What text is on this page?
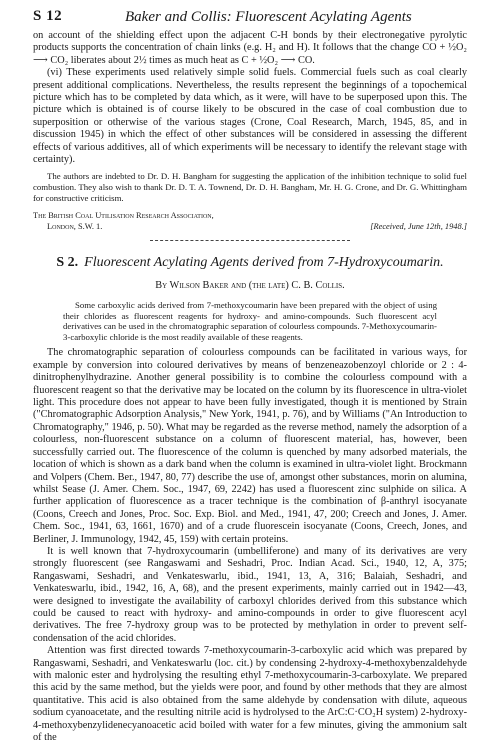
S 12	Baker and Collis: Fluorescent Acylating Agents

on account of the shielding effect upon the adjacent C-H bonds by their electronegative pyrolytic products supports the concentration of chain links (e.g. H₂ and H). It follows that the change CO + ½O₂ ⟶ CO₂ liberates about 2½ times as much heat as C + ½O₂ ⟶ CO.

(vi) These experiments used relatively simple solid fuels. Commercial fuels such as coal clearly present additional complications. Nevertheless, the results represent the beginnings of a topochemical picture which has to be completed by data which, as it were, will have to be superposed upon this. The picture which is obtained is of course likely to be obscured in the case of coal combustion due to superposition or otherwise of the various stages (Crone, Coal Research, March, 1945, 85, and in discussion 1945) in which the effect of other substances will be considered in assessing the different effects of various additives, all of which experiments will be necessary to identify the relevant stage with certainty).

The authors are indebted to Dr. D. H. Bangham for suggesting the application of the inhibition technique to solid fuel combustion. They also wish to thank Dr. D. T. A. Townend, Dr. D. H. Bangham, Mr. H. G. Crone, and Dr. G. Whittingham for constructive criticism.

The British Coal Utilisation Research Association,
London, S.W. 1.	[Received, June 12th, 1948.]
S 2. Fluorescent Acylating Agents derived from 7-Hydroxycoumarin.
By Wilson Baker and (the late) C. B. Collis.

Some carboxylic acids derived from 7-methoxycoumarin have been prepared with the object of using their chlorides as fluorescent reagents for hydroxy- and amino-compounds. Such fluorescent acyl derivatives can be used in the chromatographic separation of colourless compounds. 7-Methoxycoumarin-3-carboxylic chloride is the most readily available of these reagents.

The chromatographic separation of colourless compounds can be facilitated in various ways, for example by conversion into coloured derivatives by means of benzeneazobenzoyl chloride or 2 : 4-dinitrophenylhydrazine. Another general possibility is to combine the colourless compound with a fluorescent reagent so that the derivative may be located on the column by its fluorescence in ultra-violet light. This procedure does not appear to have been fully investigated, though it is mentioned by Strain ("Chromatographic Adsorption Analysis," New York, 1941, p. 76), and by Williams ("An Introduction to Chromatography," 1946, p. 50). What may be regarded as the reverse method, namely the adsorption of a colourless, non-fluorescent substance on a column of fluorescent material, has, however, been successfully carried out. The fluorescence of the column is quenched by many adsorbed materials, the location of which is shown as a dark band when the column is examined in ultra-violet light. Brockmann and Volpers (Chem. Ber., 1947, 80, 77) describe the use of, amongst other substances, morin on alumina, whilst Sease (J. Amer. Chem. Soc., 1947, 69, 2242) has used a fluorescent zinc sulphide on silica. A further application of fluorescence as a tracer technique is the combination of β-anthryl isocyanate (Coons, Creech and Jones, Proc. Soc. Exp. Biol. and Med., 1941, 47, 200; Creech and Jones, J. Amer. Chem. Soc., 1941, 63, 1661, 1670) and of a crude fluorescein isocyanate (Coons, Creech, Jones, and Berliner, J. Immunology, 1942, 45, 159) with certain proteins.

It is well known that 7-hydroxycoumarin (umbelliferone) and many of its derivatives are very strongly fluorescent (see Rangaswami and Seshadri, Proc. Indian Acad. Sci., 1940, 12, A, 375; Rangaswami, Seshadri, and Venkateswarlu, ibid., 1941, 13, A, 316; Balaiah, Seshadri, and Venkateswarlu, ibid., 1942, 16, A, 68), and the present experiments, mainly carried out in 1942—43, were designed to investigate the availability of carboxyl chlorides derived from this substance which could be caused to react with hydroxy- and amino-compounds in order to give fluorescent acyl derivatives. The free 7-hydroxy group was to be protected by methylation in order to prevent self-condensation of the acid chlorides.

Attention was first directed towards 7-methoxycoumarin-3-carboxylic acid which was prepared by Rangaswami, Seshadri, and Venkateswarlu (loc. cit.) by condensing 2-hydroxy-4-methoxybenzaldehyde with malonic ester and hydrolysing the resulting ethyl 7-methoxycoumarin-3-carboxylate. We prepared this acid by the same method, but the yields were poor, and found by other methods that they are almost quantitative. This acid is also obtained from the same aldehyde by condensation with dilute, aqueous sodium cyanoacetate, and the resulting nitrile acid is hydrolysed to the ArC:C·CO₂H system) 2-hydroxy-4-methoxybenzylidenecyanoacetic acid boiled with water for a few minutes, giving the ammonium salt of the
